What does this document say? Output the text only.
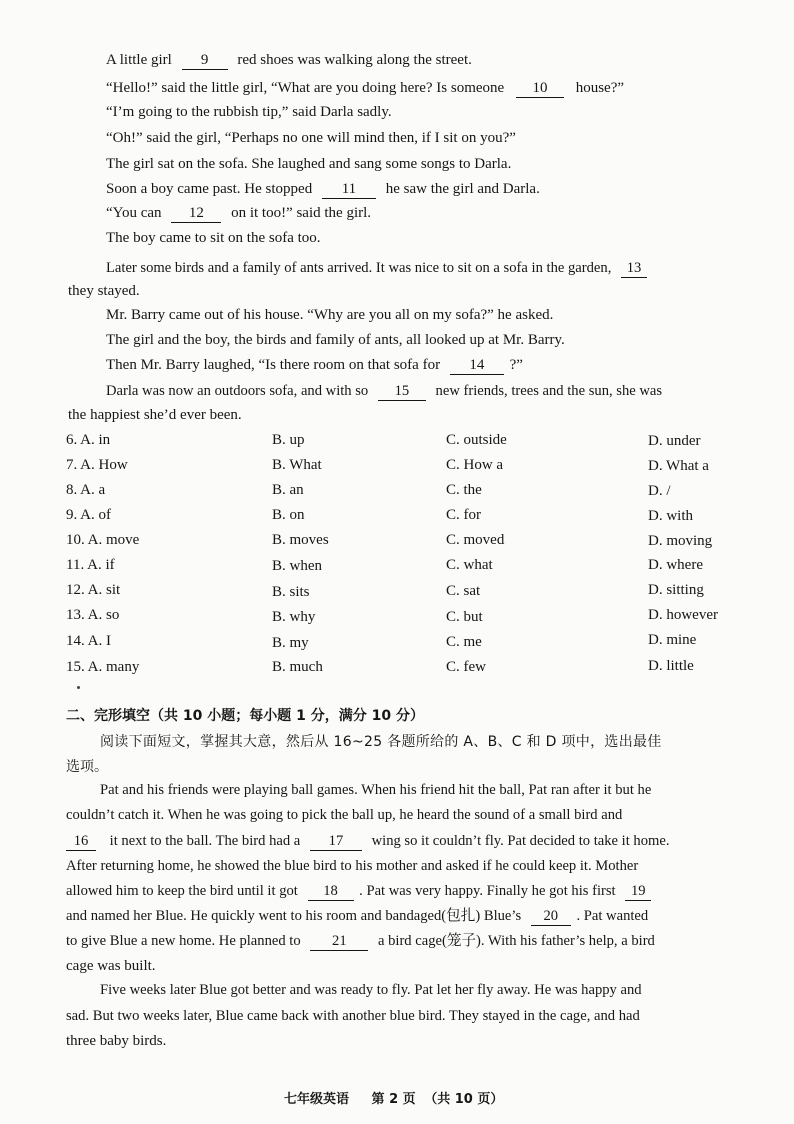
A little girl 9 red shoes was walking along the street.
“Hello!” said the little girl, “What are you doing here? Is someone 10 house?”
“I’m going to the rubbish tip,” said Darla sadly.
“Oh!” said the girl, “Perhaps no one will mind then, if I sit on you?”
The girl sat on the sofa. She laughed and sang some songs to Darla.
Soon a boy came past. He stopped 11 he saw the girl and Darla.
“You can 12 on it too!” said the girl.
The boy came to sit on the sofa too.
Later some birds and a family of ants arrived. It was nice to sit on a sofa in the garden, 13
they stayed.
Mr. Barry came out of his house. “Why are you all on my sofa?” he asked.
The girl and the boy, the birds and family of ants, all looked up at Mr. Barry.
Then Mr. Barry laughed, “Is there room on that sofa for 14 ?”
Darla was now an outdoors sofa, and with so 15 new friends, trees and the sun, she was
the happiest she’d ever been.
6. A. in	B. up	C. outside	D. under
7. A. How	B. What	C. How a	D. What a
8. A. a	B. an	C. the	D. /
9. A. of	B. on	C. for	D. with
10. A. move	B. moves	C. moved	D. moving
11. A. if	B. when	C. what	D. where
12. A. sit	B. sits	C. sat	D. sitting
13. A. so	B. why	C. but	D. however
14. A. I	B. my	C. me	D. mine
15. A. many	B. much	C. few	D. little
二、完形填空（共 10 小题；每小题 1 分，满分 10 分）
阅读下面短文，掌握其大意，然后从 16~25 各题所给的 A、B、C 和 D 项中，选出最佳
选项。
Pat and his friends were playing ball games. When his friend hit the ball, Pat ran after it but he
couldn’t catch it. When he was going to pick the ball up, he heard the sound of a small bird and
16 it next to the ball. The bird had a 17 wing so it couldn’t fly. Pat decided to take it home.
After returning home, he showed the blue bird to his mother and asked if he could keep it. Mother
allowed him to keep the bird until it got 18 . Pat was very happy. Finally he got his first 19
and named her Blue. He quickly went to his room and bandaged(包扎) Blue’s 20 . Pat wanted
to give Blue a new home. He planned to 21 a bird cage(笼子). With his father’s help, a bird
cage was built.
Five weeks later Blue got better and was ready to fly. Pat let her fly away. He was happy and
sad. But two weeks later, Blue came back with another blue bird. They stayed in the cage, and had
three baby birds.
七年级英语 第 2 页 （共 10 页）
